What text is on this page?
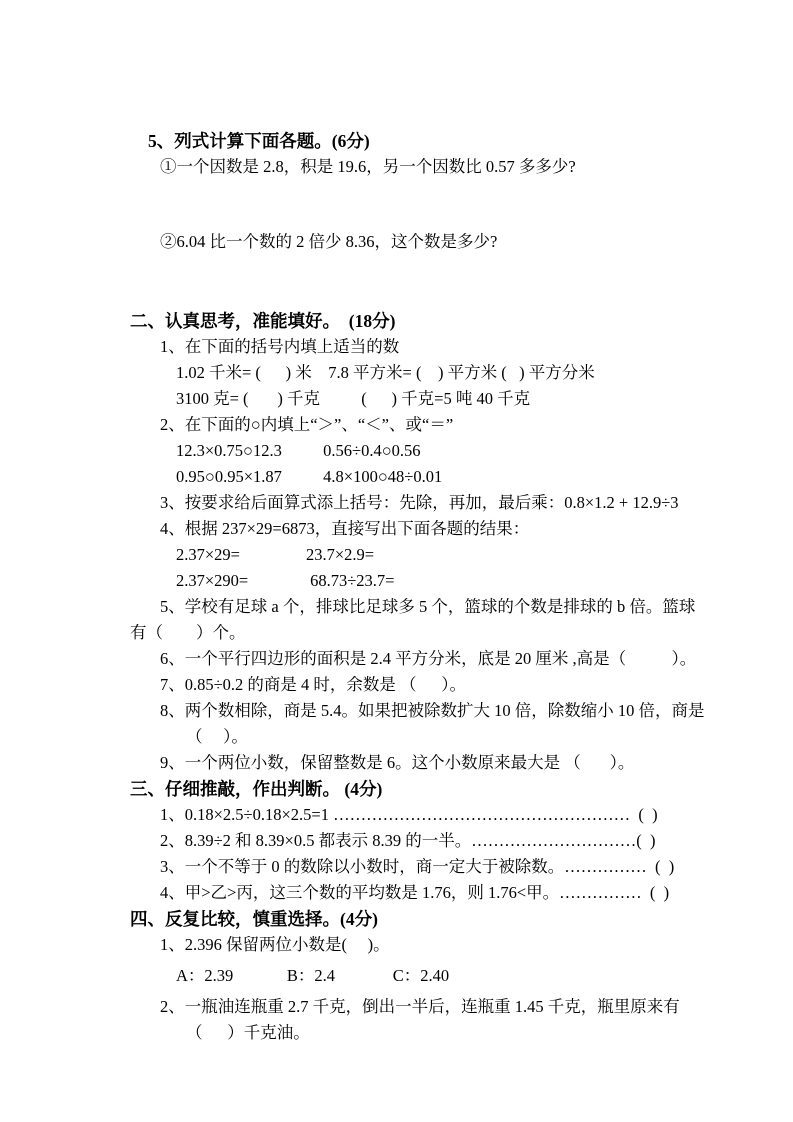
5、列式计算下面各题。(6分)
①一个因数是 2.8，积是 19.6，另一个因数比 0.57 多多少?
②6.04 比一个数的 2 倍少 8.36，这个数是多少?
二、认真思考，准能填好。  (18分)
1、在下面的括号内填上适当的数
1.02 千米= (      ) 米    7.8 平方米= (    ) 平方米 (   ) 平方分米
3100 克= (       ) 千克          (      ) 千克=5 吨 40 千克
2、在下面的○内填上“＞”、“＜”、或“＝”
12.3×0.75○12.3          0.56÷0.4○0.56
0.95○0.95×1.87          4.8×100○48÷0.01
3、按要求给后面算式添上括号：先除，再加，最后乘：0.8×1.2 + 12.9÷3
4、根据 237×29=6873，直接写出下面各题的结果：
2.37×29=                23.7×2.9=
2.37×290=               68.73÷23.7=
5、学校有足球 a 个，排球比足球多 5 个，篮球的个数是排球的 b 倍。篮球
有（        ）个。
6、一个平行四边形的面积是 2.4 平方分米，底是 20 厘米 ,高是（           ）。
7、0.85÷0.2 的商是 4 时，余数是 （      ）。
8、两个数相除，商是 5.4。如果把被除数扩大 10 倍，除数缩小 10 倍，商是
（     ）。
9、一个两位小数，保留整数是 6。这个小数原来最大是 （       ）。
三、仔细推敲，作出判断。 (4分)
1、0.18×2.5÷0.18×2.5=1 ………………………………………………  (  )
2、8.39÷2 和 8.39×0.5 都表示 8.39 的一半。…………………………(  )
3、一个不等于 0 的数除以小数时，商一定大于被除数。……………  (  )
4、甲>乙>丙，这三个数的平均数是 1.76，则 1.76<甲。……………  (  )
四、反复比较，慎重选择。(4分)
1、2.396 保留两位小数是(     )。
A：2.39             B：2.4              C：2.40
2、一瓶油连瓶重 2.7 千克，倒出一半后，连瓶重 1.45 千克，瓶里原来有
（      ）千克油。
